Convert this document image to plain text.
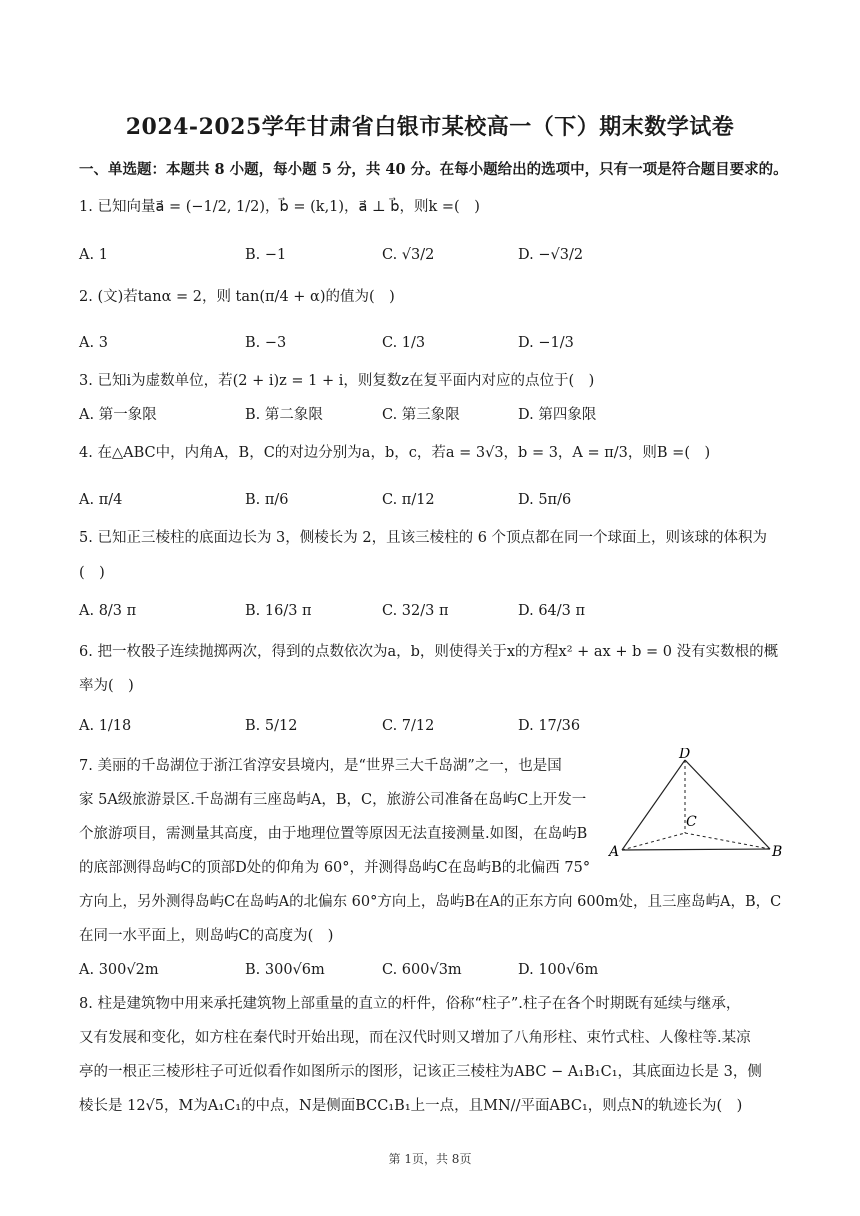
2024-2025学年甘肃省白银市某校高一（下）期末数学试卷
一、单选题：本题共 8 小题，每小题 5 分，共 40 分。在每小题给出的选项中，只有一项是符合题目要求的。
1. 已知向量a⃗ = (−1/2, 1/2)，b⃗ = (k,1)，a⃗ ⊥ b⃗，则k =(　)
A. 1	B. −1	C. √3/2	D. −√3/2
2. (文)若tanα = 2，则 tan(π/4 + α)的值为(　)
A. 3	B. −3	C. 1/3	D. −1/3
3. 已知i为虚数单位，若(2 + i)z = 1 + i，则复数z在复平面内对应的点位于(　)
A. 第一象限	B. 第二象限	C. 第三象限	D. 第四象限
4. 在△ABC中，内角A，B，C的对边分别为a，b，c，若a = 3√3，b = 3，A = π/3，则B =(　)
A. π/4	B. π/6	C. π/12	D. 5π/6
5. 已知正三棱柱的底面边长为 3，侧棱长为 2，且该三棱柱的 6 个顶点都在同一个球面上，则该球的体积为
(　)
A. 8/3 π	B. 16/3 π	C. 32/3 π	D. 64/3 π
6. 把一枚骰子连续抛掷两次，得到的点数依次为a，b，则使得关于x的方程x² + ax + b = 0 没有实数根的概
率为(　)
A. 1/18	B. 5/12	C. 7/12	D. 17/36
7. 美丽的千岛湖位于浙江省淳安县境内，是“世界三大千岛湖”之一，也是国
家 5A级旅游景区.千岛湖有三座岛屿A，B，C，旅游公司准备在岛屿C上开发一
个旅游项目，需测量其高度，由于地理位置等原因无法直接测量.如图，在岛屿B
的底部测得岛屿C的顶部D处的仰角为 60°，并测得岛屿C在岛屿B的北偏西 75°
方向上，另外测得岛屿C在岛屿A的北偏东 60°方向上，岛屿B在A的正东方向 600m处，且三座岛屿A，B，C
在同一水平面上，则岛屿C的高度为(　)
D
C
A	B
A. 300√2m	B. 300√6m	C. 600√3m	D. 100√6m
8. 柱是建筑物中用来承托建筑物上部重量的直立的杆件，俗称“柱子”.柱子在各个时期既有延续与继承，
又有发展和变化，如方柱在秦代时开始出现，而在汉代时则又增加了八角形柱、束竹式柱、人像柱等.某凉
亭的一根正三棱形柱子可近似看作如图所示的图形，记该正三棱柱为ABC − A₁B₁C₁，其底面边长是 3，侧
棱长是 12√5，M为A₁C₁的中点，N是侧面BCC₁B₁上一点，且MN//平面ABC₁，则点N的轨迹长为(　)
第 1页，共 8页
